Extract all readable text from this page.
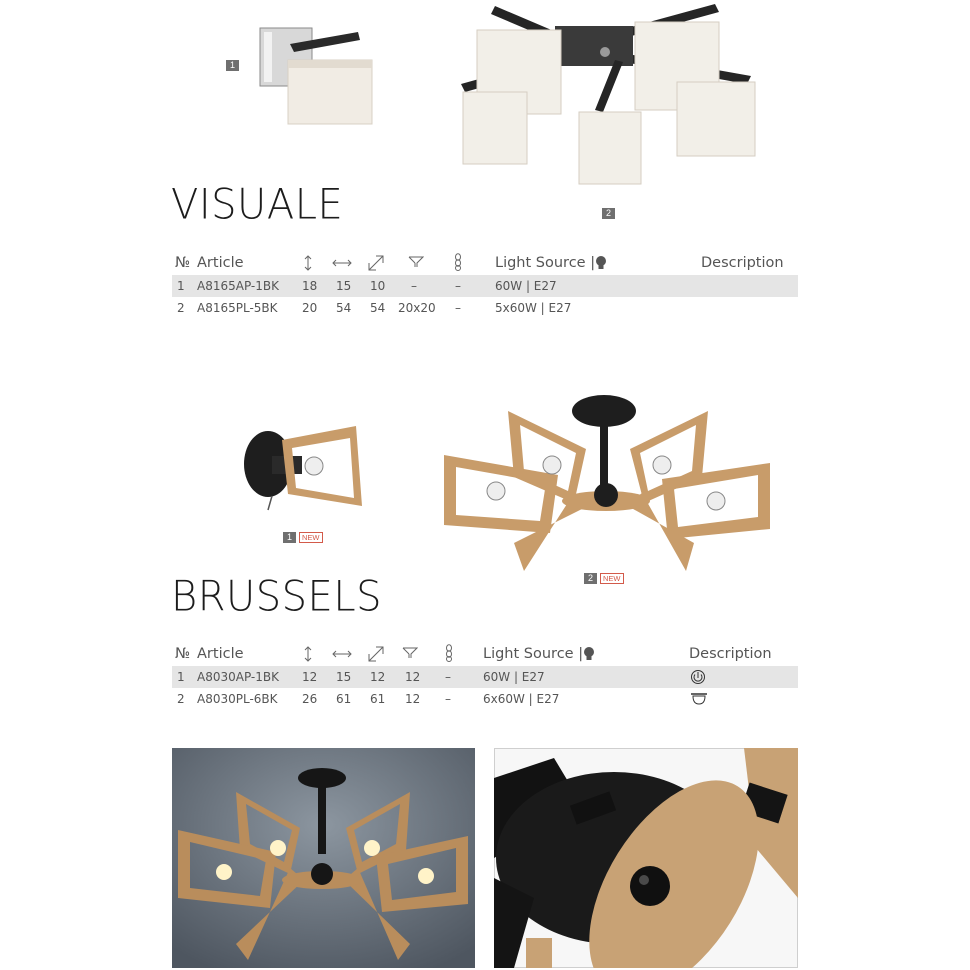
1
2
VISUALE
№ Article	Light Source |	Description
1 A8165AP-1BK 18 15 10 –	–	60W | E27
2 A8165PL-5BK 20 54 54 20x20 –	5x60W | E27
1	NEW
2	NEW
BRUSSELS
№ Article	Light Source |	Description
1 A8030AP-1BK 12 15 12 12 –	60W | E27
2 A8030PL-6BK 26 61 61 12 –	6x60W | E27
